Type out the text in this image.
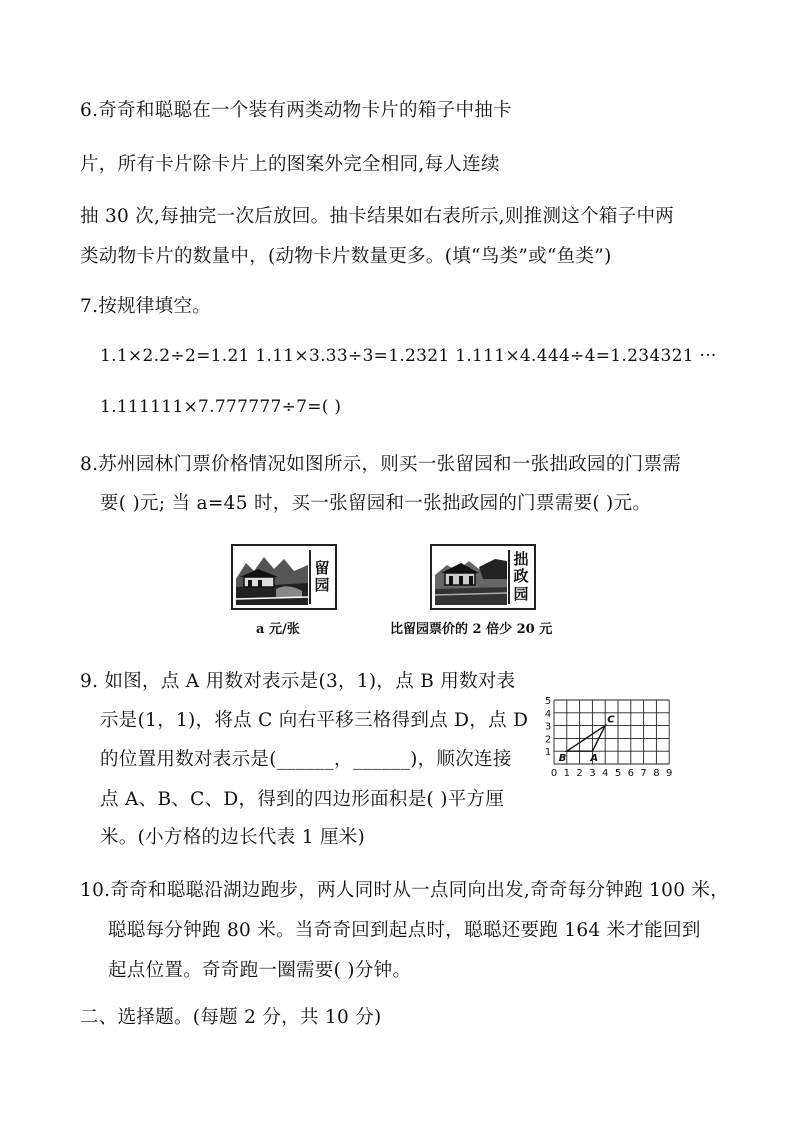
6.奇奇和聪聪在一个装有两类动物卡片的箱子中抽卡
片，所有卡片除卡片上的图案外完全相同,每人连续
抽 30 次,每抽完一次后放回。抽卡结果如右表所示,则推测这个箱子中两
类动物卡片的数量中，(动物卡片数量更多。(填“鸟类”或“鱼类”)
7.按规律填空。
1.1×2.2÷2=1.21 1.11×3.33÷3=1.2321 1.111×4.444÷4=1.234321 ···
1.111111×7.777777÷7=( )
8.苏州园林门票价格情况如图所示，则买一张留园和一张拙政园的门票需
要( )元; 当 a=45 时，买一张留园和一张拙政园的门票需要( )元。
留
园
a 元/张
拙
政
园
比留园票价的 2 倍少 20 元
9. 如图，点 A 用数对表示是(3，1)，点 B 用数对表
示是(1，1)，将点 C 向右平移三格得到点 D，点 D
的位置用数对表示是(______，______)，顺次连接
点 A、B、C、D，得到的四边形面积是( )平方厘
米。(小方格的边长代表 1 厘米)
0 1 2 3 4 5 6 7 8 9
1
2
3
4
5
A
B
C
10.奇奇和聪聪沿湖边跑步，两人同时从一点同向出发,奇奇每分钟跑 100 米，
聪聪每分钟跑 80 米。当奇奇回到起点时，聪聪还要跑 164 米才能回到
起点位置。奇奇跑一圈需要( )分钟。
二、选择题。(每题 2 分，共 10 分)
